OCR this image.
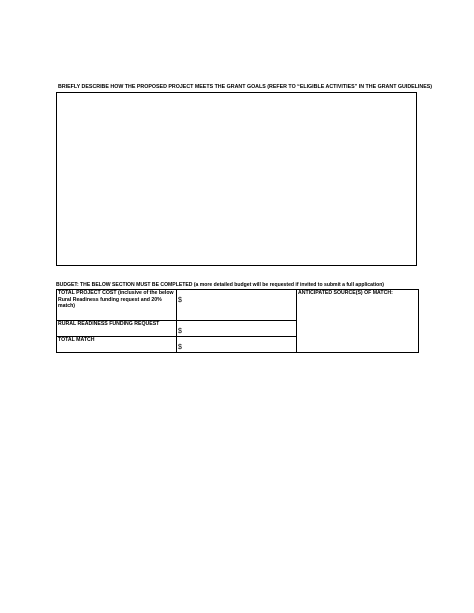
BRIEFLY DESCRIBE HOW THE PROPOSED PROJECT MEETS THE GRANT GOALS (REFER TO “ELIGIBLE ACTIVITIES” IN THE GRANT GUIDELINES)
BUDGET: THE BELOW SECTION MUST BE COMPLETED (a more detailed budget will be requested if invited to submit a full application)
TOTAL PROJECT COST (inclusive of the below Rural Readiness funding request and 20% match)	$	ANTICIPATED SOURCE(S) OF MATCH:
RURAL READINESS FUNDING REQUEST	$	

TOTAL MATCH	$	
